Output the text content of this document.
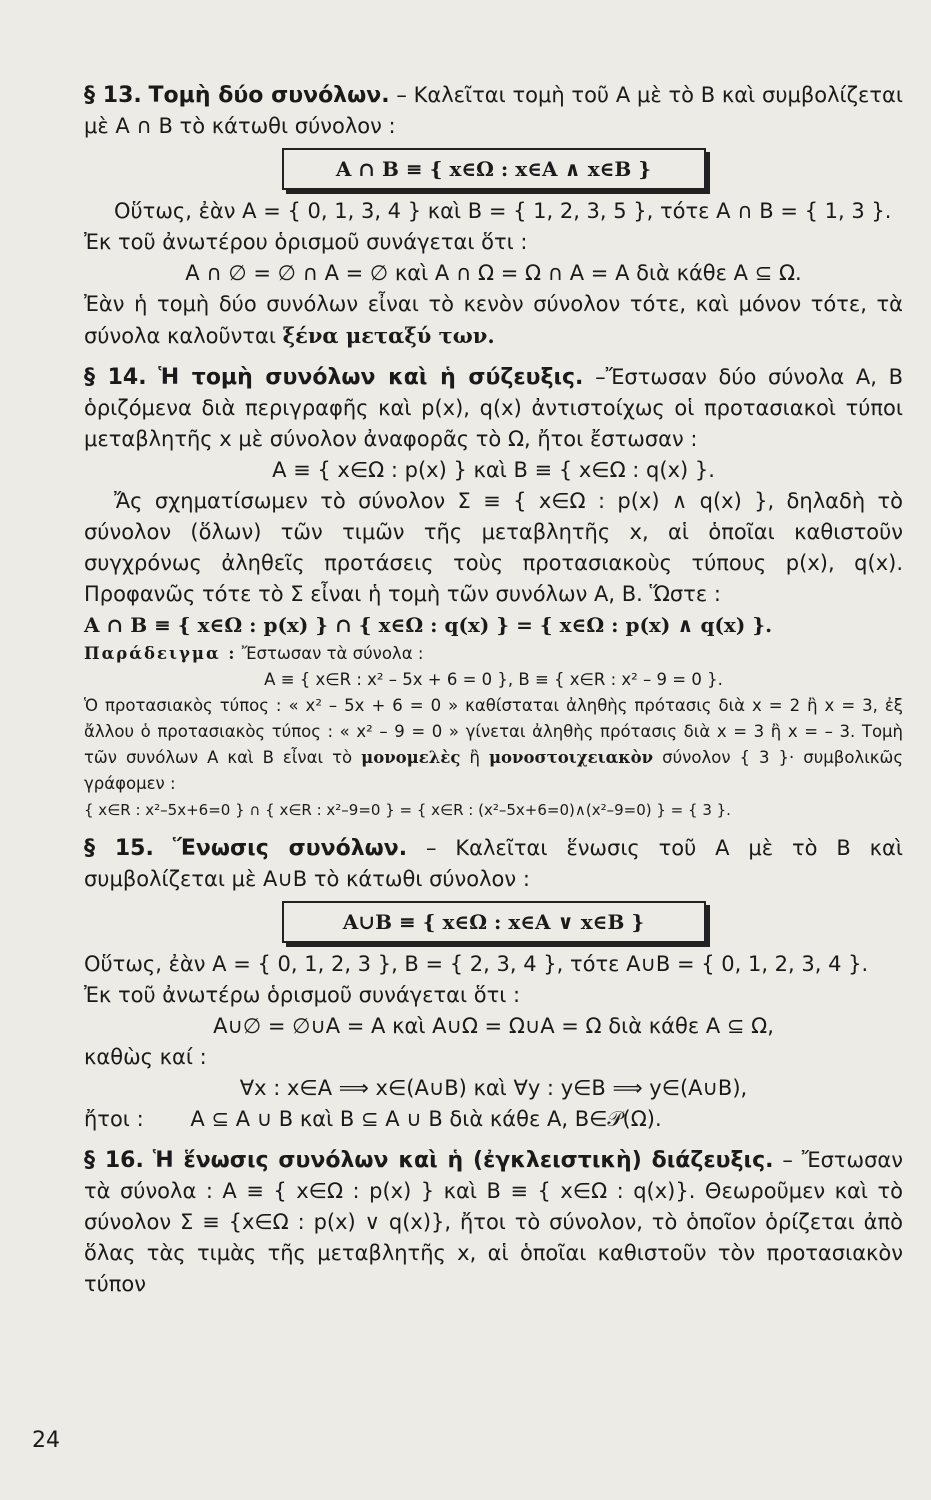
§ 13. Τομὴ δύο συνόλων. – Καλεῖται τομὴ τοῦ A μὲ τὸ B καὶ συμβολίζεται μὲ A ∩ B τὸ κάτωθι σύνολον :

A ∩ B ≡ { x∈Ω : x∈A ∧ x∈B }

Οὕτως, ἐὰν A = { 0, 1, 3, 4 } καὶ B = { 1, 2, 3, 5 }, τότε A ∩ B = { 1, 3 }.

Ἐκ τοῦ ἀνωτέρου ὁρισμοῦ συνάγεται ὅτι :

A ∩ ∅ = ∅ ∩ A = ∅ καὶ A ∩ Ω = Ω ∩ A = A διὰ κάθε A ⊆ Ω.

Ἐὰν ἡ τομὴ δύο συνόλων εἶναι τὸ κενὸν σύνολον τότε, καὶ μόνον τότε, τὰ σύνολα καλοῦνται ξένα μεταξύ των.

§ 14. Ἡ τομὴ συνόλων καὶ ἡ σύζευξις. –Ἔστωσαν δύο σύνολα A, B ὁριζόμενα διὰ περιγραφῆς καὶ p(x), q(x) ἀντιστοίχως οἱ προτασιακοὶ τύποι μεταβλητῆς x μὲ σύνολον ἀναφορᾶς τὸ Ω, ἤτοι ἔστωσαν :

A ≡ { x∈Ω : p(x) } καὶ B ≡ { x∈Ω : q(x) }.

Ἄς σχηματίσωμεν τὸ σύνολον Σ ≡ { x∈Ω : p(x) ∧ q(x) }, δηλαδὴ τὸ σύνολον (ὅλων) τῶν τιμῶν τῆς μεταβλητῆς x, αἱ ὁποῖαι καθιστοῦν συγχρόνως ἀληθεῖς προτάσεις τοὺς προτασιακοὺς τύπους p(x), q(x). Προφανῶς τότε τὸ Σ εἶναι ἡ τομὴ τῶν συνόλων A, B. Ὥστε :

A ∩ B ≡ { x∈Ω : p(x) } ∩ { x∈Ω : q(x) } = { x∈Ω : p(x) ∧ q(x) }.

Παράδειγμα : Ἔστωσαν τὰ σύνολα :

A ≡ { x∈R : x² – 5x + 6 = 0 }, B ≡ { x∈R : x² – 9 = 0 }.

Ὁ προτασιακὸς τύπος : « x² – 5x + 6 = 0 » καθίσταται ἀληθὴς πρότασις διὰ x = 2 ἢ x = 3, ἐξ ἄλλου ὁ προτασιακὸς τύπος : « x² – 9 = 0 » γίνεται ἀληθὴς πρότασις διὰ x = 3 ἢ x = – 3. Τομὴ τῶν συνόλων A καὶ B εἶναι τὸ μονομελὲς ἢ μονοστοιχειακὸν σύνολον { 3 }· συμβολικῶς γράφομεν :

{ x∈R : x²–5x+6=0 } ∩ { x∈R : x²–9=0 } = { x∈R : (x²–5x+6=0)∧(x²–9=0) } = { 3 }.

§ 15. Ἕνωσις συνόλων. – Καλεῖται ἕνωσις τοῦ A μὲ τὸ B καὶ συμβολίζεται μὲ A∪B τὸ κάτωθι σύνολον :

A∪B ≡ { x∈Ω : x∈A ∨ x∈B }

Οὕτως, ἐὰν A = { 0, 1, 2, 3 }, B = { 2, 3, 4 }, τότε A∪B = { 0, 1, 2, 3, 4 }.

Ἐκ τοῦ ἀνωτέρω ὁρισμοῦ συνάγεται ὅτι :

A∪∅ = ∅∪A = A καὶ A∪Ω = Ω∪A = Ω διὰ κάθε A ⊆ Ω,

καθὼς καί :

∀x : x∈A ⟹ x∈(A∪B) καὶ ∀y : y∈B ⟹ y∈(A∪B),

ἤτοι : A ⊆ A ∪ B καὶ B ⊆ A ∪ B διὰ κάθε A, B∈𝒫(Ω).

§ 16. Ἡ ἕνωσις συνόλων καὶ ἡ (ἐγκλειστικὴ) διάζευξις. – Ἔστωσαν τὰ σύνολα : A ≡ { x∈Ω : p(x) } καὶ B ≡ { x∈Ω : q(x)}. Θεωροῦμεν καὶ τὸ σύνολον Σ ≡ {x∈Ω : p(x) ∨ q(x)}, ἤτοι τὸ σύνολον, τὸ ὁποῖον ὁρίζεται ἀπὸ ὅλας τὰς τιμὰς τῆς μεταβλητῆς x, αἱ ὁποῖαι καθιστοῦν τὸν προτασιακὸν τύπον

24
